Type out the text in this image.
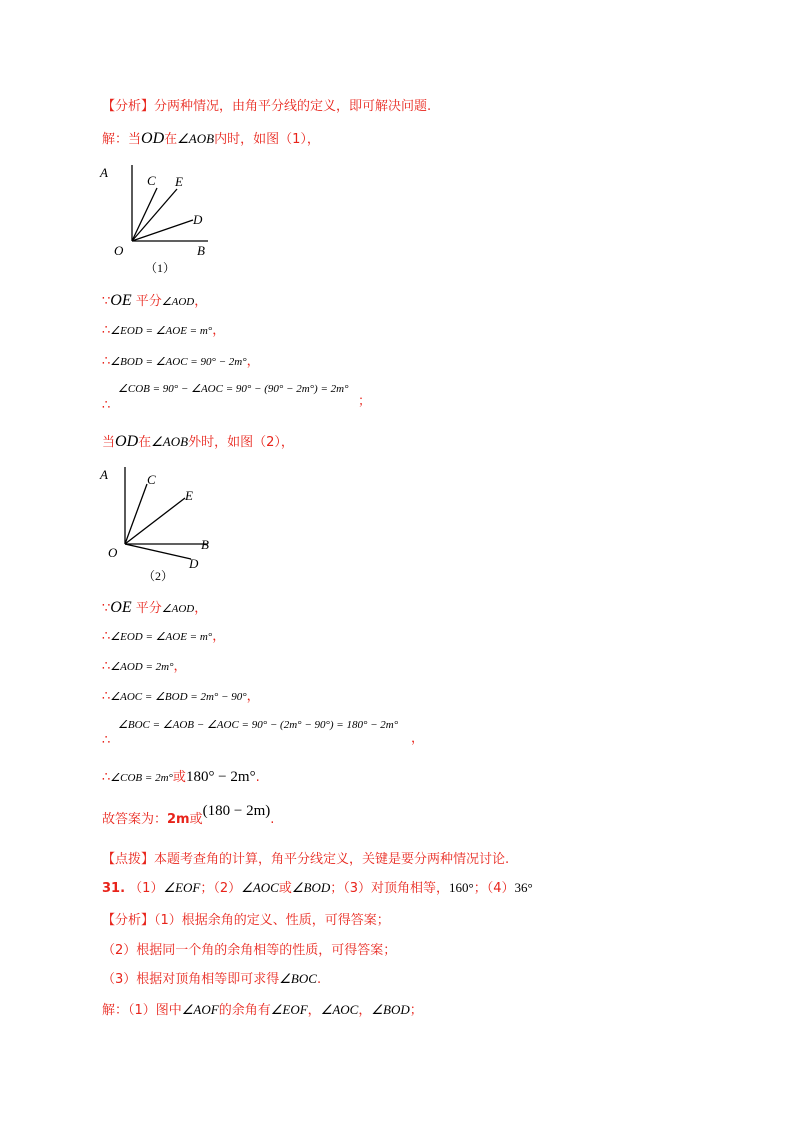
【分析】分两种情况，由角平分线的定义，即可解决问题.
解：当OD在∠AOB内时，如图（1），
A
C E
D
O	B
（1）
∵OE 平分∠AOD，
∴∠EOD = ∠AOE = m°，
∴∠BOD = ∠AOC = 90° − 2m°，
∠COB = 90° − ∠AOC = 90° − (90° − 2m°) = 2m°
；
∴
当OD在∠AOB外时，如图（2），
A	C
E
O
B
D
（2）
∵OE 平分∠AOD，
∴∠EOD = ∠AOE = m°，
∴∠AOD = 2m°，
∴∠AOC = ∠BOD = 2m° − 90°，
∠BOC = ∠AOB − ∠AOC = 90° − (2m° − 90°) = 180° − 2m°
，
∴
∴∠COB = 2m°或180° − 2m°.
故答案为：2m或(180 − 2m).
【点拨】本题考查角的计算，角平分线定义，关键是要分两种情况讨论.
31. （1）∠EOF；（2）∠AOC或∠BOD；（3）对顶角相等，160°；（4）36°
【分析】（1）根据余角的定义、性质，可得答案；
（2）根据同一个角的余角相等的性质，可得答案；
（3）根据对顶角相等即可求得∠BOC.
解：（1）图中∠AOF的余角有∠EOF，∠AOC，∠BOD；
